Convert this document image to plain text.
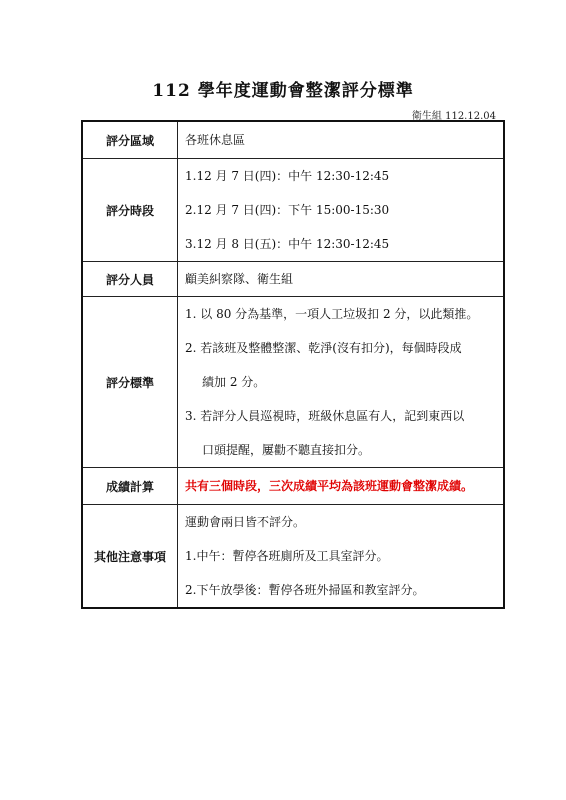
112 學年度運動會整潔評分標準
衛生組 112.12.04
評分區域	各班休息區

評分時段	1.12 月 7 日(四)：中午 12:30-12:45
2.12 月 7 日(四)：下午 15:00-15:30
3.12 月 8 日(五)：中午 12:30-12:45

評分人員	顧美糾察隊、衛生組

評分標準	1. 以 80 分為基準，一項人工垃圾扣 2 分，以此類推。
2. 若該班及整體整潔、乾淨(沒有扣分)，每個時段成
績加 2 分。
3. 若評分人員巡視時，班級休息區有人，記到東西以
口頭提醒，屢勸不聽直接扣分。

成績計算	共有三個時段，三次成績平均為該班運動會整潔成績。

其他注意事項	運動會兩日皆不評分。
1.中午：暫停各班廁所及工具室評分。
2.下午放學後：暫停各班外掃區和教室評分。
